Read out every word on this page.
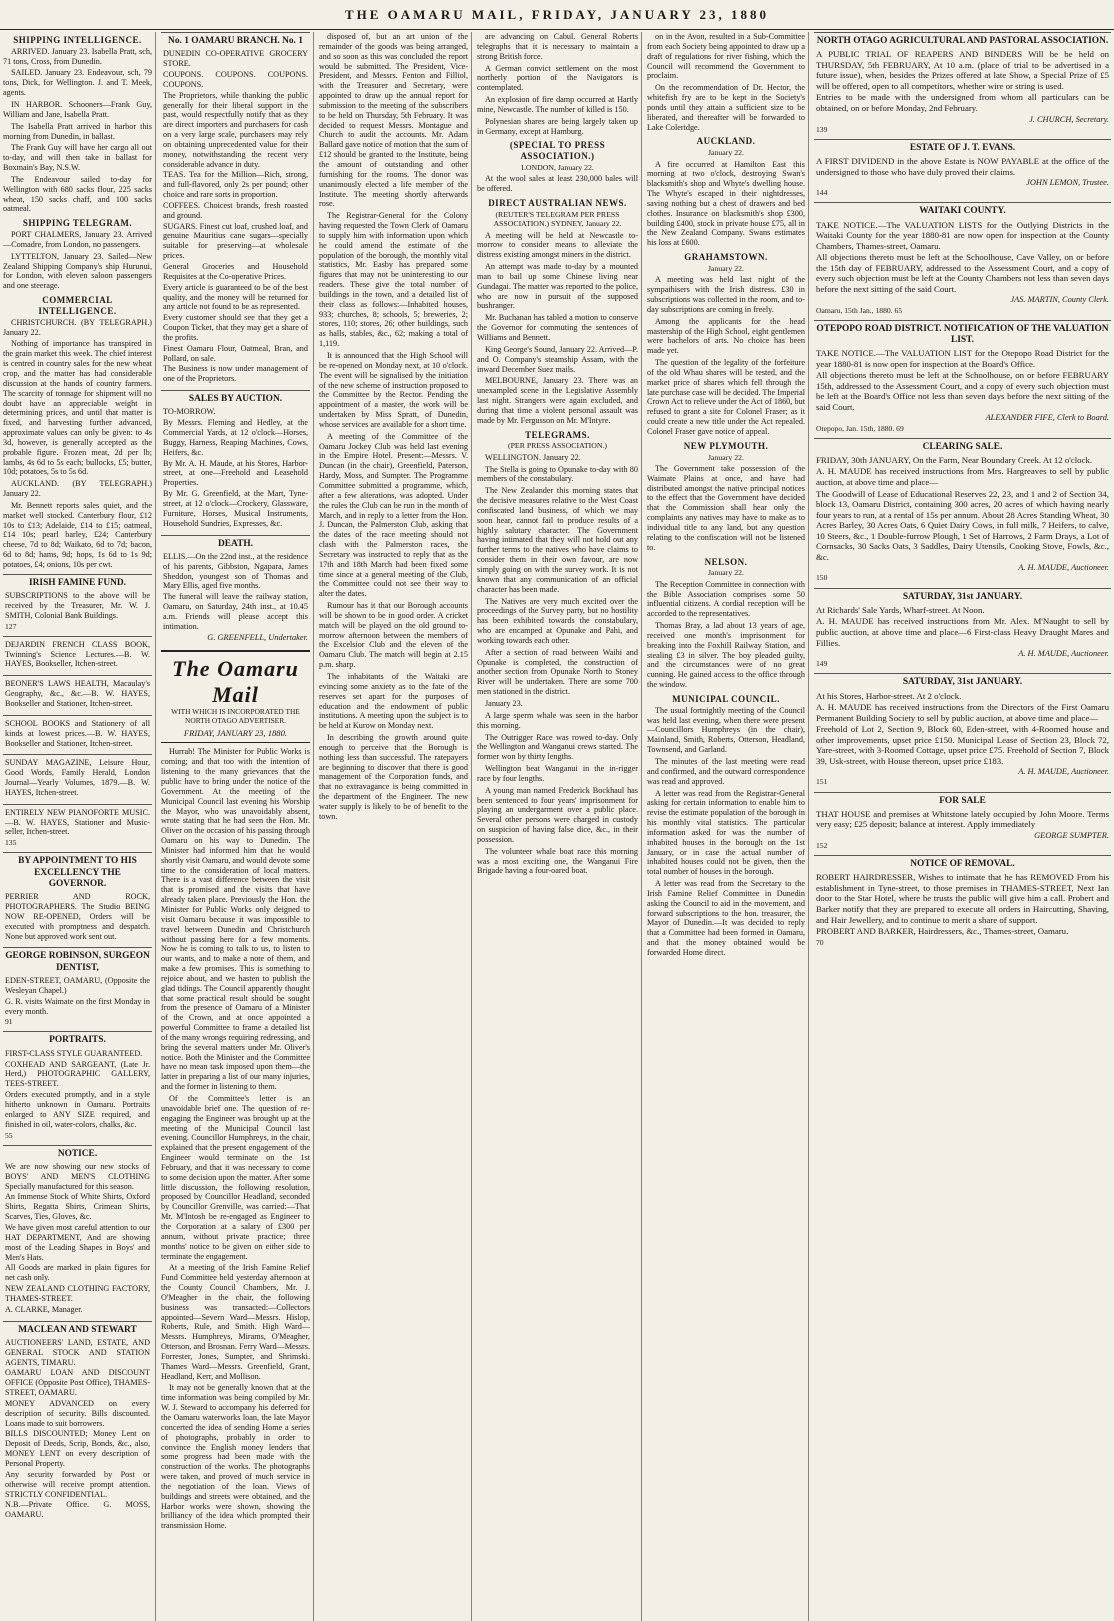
THE OAMARU MAIL, FRIDAY, JANUARY 23, 1880
SHIPPING INTELLIGENCE.

ARRIVED. January 23. Isabella Pratt, sch, 71 tons, Cross, from Dunedin.

SAILED. January 23. Endeavour, sch, 79 tons, Dick, for Wellington. J. and T. Meek, agents.

IN HARBOR. Schooners—Frank Guy, William and Jane, Isabella Pratt.

The Isabella Pratt arrived in harbor this morning from Dunedin, in ballast.

The Frank Guy will have her cargo all out to-day, and will then take in ballast for Boxmain's Bay, N.S.W.

The Endeavour sailed to-day for Wellington with 680 sacks flour, 225 sacks wheat, 150 sacks chaff, and 100 sacks oatmeal.

SHIPPING TELEGRAM.

PORT CHALMERS, January 23. Arrived—Comadre, from London, no passengers.

LYTTELTON, January 23. Sailed—New Zealand Shipping Company's ship Hurunui, for London, with eleven saloon passengers and one steerage.

COMMERCIAL INTELLIGENCE.

CHRISTCHURCH. (BY TELEGRAPH.) January 22.

Nothing of importance has transpired in the grain market this week. The chief interest is centred in country sales for the new wheat crop, and the matter has had considerable discussion at the hands of country farmers. The scarcity of tonnage for shipment will no doubt have an appreciable weight in determining prices, and until that matter is fixed, and harvesting further advanced, approximate values can only be given: to 4s 3d, however, is generally accepted as the probable figure. Frozen meat, 2d per lb; lambs, 4s 6d to 5s each; bullocks, £5; butter, 10d; potatoes, 5s to 5s 6d.

AUCKLAND. (BY TELEGRAPH.) January 22.

Mr. Bennett reports sales quiet, and the market well stocked. Canterbury flour, £12 10s to £13; Adelaide, £14 to £15; oatmeal, £14 10s; pearl barley, £24; Canterbury cheese, 7d to 8d; Waikato, 6d to 7d; bacon, 6d to 8d; hams, 9d; hops, 1s 6d to 1s 9d; potatoes, £4; onions, 10s per cwt.

IRISH FAMINE FUND.

SUBSCRIPTIONS to the above will be received by the Treasurer, Mr. W. J. SMITH, Colonial Bank Buildings.

127

DEJARDIN FRENCH CLASS BOOK, Twinning's Science Lectures.—B. W. HAYES, Bookseller, Itchen-street.

BEONER'S LAWS HEALTH, Macaulay's Geography, &c., &c.—B. W. HAYES, Bookseller and Stationer, Itchen-street.

SCHOOL BOOKS and Stationery of all kinds at lowest prices.—B. W. HAYES, Bookseller and Stationer, Itchen-street.

SUNDAY MAGAZINE, Leisure Hour, Good Words, Family Herald, London Journal—Yearly Volumes, 1879.—B. W. HAYES, Itchen-street.

ENTIRELY NEW PIANOFORTE MUSIC.—B. W. HAYES, Stationer and Music-seller, Itchen-street.

135
BY APPOINTMENT TO HIS EXCELLENCY THE GOVERNOR.

PERRIER AND ROCK, PHOTOGRAPHERS. The Studio BEING NOW RE-OPENED, Orders will be executed with promptness and despatch. None but approved work sent out.

GEORGE ROBINSON, SURGEON DENTIST,

EDEN-STREET, OAMARU, (Opposite the Wesleyan Chapel.)

G. R. visits Waimate on the first Monday in every month.

91
PORTRAITS.

FIRST-CLASS STYLE GUARANTEED.

COXHEAD AND SARGEANT, (Late Jr. Herd,) PHOTOGRAPHIC GALLERY, TEES-STREET.

Orders executed promptly, and in a style hitherto unknown in Oamaru. Portraits enlarged to ANY SIZE required, and finished in oil, water-colors, chalks, &c.

55
NOTICE.

We are now showing our new stocks of BOYS' AND MEN'S CLOTHING Specially manufactured for this season.

An Immense Stock of White Shirts, Oxford Shirts, Regatta Shirts, Crimean Shirts, Scarves, Ties, Gloves, &c.

We have given most careful attention to our HAT DEPARTMENT, And are showing most of the Leading Shapes in Boys' and Men's Hats.

All Goods are marked in plain figures for net cash only.

NEW ZEALAND CLOTHING FACTORY, THAMES-STREET.

A. CLARKE, Manager.

MACLEAN AND STEWART

AUCTIONEERS' LAND, ESTATE, AND GENERAL STOCK AND STATION AGENTS, TIMARU.

OAMARU LOAN AND DISCOUNT OFFICE (Opposite Post Office), THAMES-STREET, OAMARU.

MONEY ADVANCED on every description of security. Bills discounted. Loans made to suit borrowers.

BILLS DISCOUNTED; Money Lent on Deposit of Deeds, Scrip, Bonds, &c., also, MONEY LENT on every description of Personal Property.

Any security forwarded by Post or otherwise will receive prompt attention. STRICTLY CONFIDENTIAL.

N.B.—Private Office. G. MOSS, OAMARU.

No. 1 OAMARU BRANCH. No. 1

DUNEDIN CO-OPERATIVE GROCERY STORE.

COUPONS. COUPONS. COUPONS. COUPONS.

The Proprietors, while thanking the public generally for their liberal support in the past, would respectfully notify that as they are direct importers and purchasers for cash on a very large scale, purchasers may rely on obtaining unprecedented value for their money, notwithstanding the recent very considerable advance in duty.

TEAS. Tea for the Million—Rich, strong, and full-flavored, only 2s per pound; other choice and rare sorts in proportion.

COFFEES. Choicest brands, fresh roasted and ground.

SUGARS. Finest cut loaf, crushed loaf, and genuine Mauritius cane sugars—specially suitable for preserving—at wholesale prices.

General Groceries and Household Requisites at the Co-operative Prices.

Every article is guaranteed to be of the best quality, and the money will be returned for any article not found to be as represented.

Every customer should see that they get a Coupon Ticket, that they may get a share of the profits.

Finest Oamaru Flour, Oatmeal, Bran, and Pollard, on sale.

The Business is now under management of one of the Proprietors.

SALES BY AUCTION.

TO-MORROW.

By Messrs. Fleming and Hedley, at the Commercial Yards, at 12 o'clock—Horses, Buggy, Harness, Reaping Machines, Cows, Heifers, &c.

By Mr. A. H. Maude, at his Stores, Harbor-street, at one—Freehold and Leasehold Properties.

By Mr. G. Greenfield, at the Mart, Tyne-street, at 12 o'clock—Crockery, Glassware, Furniture, Horses, Musical Instruments, Household Sundries, Expresses, &c.

DEATH.

ELLIS.—On the 22nd inst., at the residence of his parents, Gibbston, Ngapara, James Sheddon, youngest son of Thomas and Mary Ellis, aged five months.

The funeral will leave the railway station, Oamaru, on Saturday, 24th inst., at 10.45 a.m. Friends will please accept this intimation.

G. GREENFELL, Undertaker.
The Oamaru Mail
WITH WHICH IS INCORPORATED THE NORTH OTAGO ADVERTISER.
FRIDAY, JANUARY 23, 1880.

Hurrah! The Minister for Public Works is coming; and that too with the intention of listening to the many grievances that the public have to bring under the notice of the Government. At the meeting of the Municipal Council last evening his Worship the Mayor, who was unavoidably absent, wrote stating that he had seen the Hon. Mr. Oliver on the occasion of his passing through Oamaru on his way to Dunedin. The Minister had informed him that he would shortly visit Oamaru, and would devote some time to the consideration of local matters. There is a vast difference between the visit that is promised and the visits that have already taken place. Previously the Hon. the Minister for Public Works only deigned to visit Oamaru because it was impossible to travel between Dunedin and Christchurch without passing here for a few moments. Now he is coming to talk to us, to listen to our wants, and to make a note of them, and make a few promises. This is something to rejoice about, and we hasten to publish the glad tidings. The Council apparently thought that some practical result should be sought from the presence of Oamaru of a Minister of the Crown, and at once appointed a powerful Committee to frame a detailed list of the many wrongs requiring redressing, and bring the several matters under Mr. Oliver's notice. Both the Minister and the Committee have no mean task imposed upon them—the latter in preparing a list of our many injuries, and the former in listening to them.

Of the Committee's letter is an unavoidable brief one. The question of re-engaging the Engineer was brought up at the meeting of the Municipal Council last evening. Councillor Humphreys, in the chair, explained that the present engagement of the Engineer would terminate on the 1st February, and that it was necessary to come to some decision upon the matter. After some little discussion, the following resolution, proposed by Councillor Headland, seconded by Councillor Grenville, was carried:—That Mr. M'Intosh be re-engaged as Engineer to the Corporation at a salary of £300 per annum, without private practice; three months' notice to be given on either side to terminate the engagement.

At a meeting of the Irish Famine Relief Fund Committee held yesterday afternoon at the County Council Chambers, Mr. J. O'Meagher in the chair, the following business was transacted:—Collectors appointed—Severn Ward—Messrs. Hislop, Roberts, Rule, and Smith. High Ward—Messrs. Humphreys, Mirams, O'Meagher, Otterson, and Brosnan. Ferry Ward—Messrs. Forrester, Jones, Sumpter, and Shrimski. Thames Ward—Messrs. Greenfield, Grant, Headland, Kerr, and Mollison.

It may not be generally known that at the time information was being compiled by Mr. W. J. Steward to accompany his deferred for the Oamaru waterworks loan, the late Mayor concerted the idea of sending Home a series of photographs, probably in order to convince the English money lenders that some progress had been made with the construction of the works. The photographs were taken, and proved of much service in the negotiation of the loan. Views of buildings and streets were obtained, and the Harbor works were shown, showing the brilliancy of the idea which prompted their transmission Home.

disposed of, but an art union of the remainder of the goods was being arranged, and so soon as this was concluded the report would be submitted. The President, Vice-President, and Messrs. Fenton and Filliol, with the Treasurer and Secretary, were appointed to draw up the annual report for submission to the meeting of the subscribers to be held on Thursday, 5th February. It was decided to request Messrs. Montague and Church to audit the accounts. Mr. Adam Ballard gave notice of motion that the sum of £12 should be granted to the Institute, being the amount of outstanding and other furnishing for the rooms. The donor was unanimously elected a life member of the Institute. The meeting shortly afterwards rose.

The Registrar-General for the Colony having requested the Town Clerk of Oamaru to supply him with information upon which he could amend the estimate of the population of the borough, the monthly vital statistics, Mr. Easby has prepared some figures that may not be uninteresting to our readers. These give the total number of buildings in the town, and a detailed list of their class as follows:—Inhabited houses, 933; churches, 8; schools, 5; breweries, 2; stores, 110; stores, 26; other buildings, such as halls, stables, &c., 62; making a total of 1,119.

It is announced that the High School will be re-opened on Monday next, at 10 o'clock. The event will be signalised by the initiation of the new scheme of instruction proposed to the Committee by the Rector. Pending the appointment of a master, the work will be undertaken by Miss Spratt, of Dunedin, whose services are available for a short time.

A meeting of the Committee of the Oamaru Jockey Club was held last evening in the Empire Hotel. Present:—Messrs. V. Duncan (in the chair), Greenfield, Paterson, Hardy, Moss, and Sumpter. The Programme Committee submitted a programme, which, after a few alterations, was adopted. Under the rules the Club can be run in the month of March, and in reply to a letter from the Hon. J. Duncan, the Palmerston Club, asking that the dates of the race meeting should not clash with the Palmerston races, the Secretary was instructed to reply that as the 17th and 18th March had been fixed some time since at a general meeting of the Club, the Committee could not see their way to alter the dates.

Rumour has it that our Borough accounts will be shown to be in good order. A cricket match will be played on the old ground to-morrow afternoon between the members of the Excelsior Club and the eleven of the Oamaru Club. The match will begin at 2.15 p.m. sharp.

The inhabitants of the Waitaki are evincing some anxiety as to the fate of the reserves set apart for the purposes of education and the endowment of public institutions. A meeting upon the subject is to be held at Kurow on Monday next.

In describing the growth around quite enough to perceive that the Borough is nothing less than successful. The ratepayers are beginning to discover that there is good management of the Corporation funds, and that no extravagance is being committed in the department of the Engineer. The new water supply is likely to be of benefit to the town.

are advancing on Cabul. General Roberts telegraphs that it is necessary to maintain a strong British force.

A German convict settlement on the most northerly portion of the Navigators is contemplated.

An explosion of fire damp occurred at Hartly mine, Newcastle. The number of killed is 150.

Polynesian shares are being largely taken up in Germany, except at Hamburg.

(SPECIAL TO PRESS ASSOCIATION.)
LONDON, January 22.

At the wool sales at least 230,000 bales will be offered.

DIRECT AUSTRALIAN NEWS.
(REUTER'S TELEGRAM PER PRESS ASSOCIATION.) SYDNEY, January 22.

A meeting will be held at Newcastle to-morrow to consider means to alleviate the distress existing amongst miners in the district.

An attempt was made to-day by a mounted man to bail up some Chinese living near Gundagai. The matter was reported to the police, who are now in pursuit of the supposed bushranger.

Mr. Buchanan has tabled a motion to conserve the Governor for commuting the sentences of Williams and Bennett.

King George's Sound, January 22. Arrived—P. and O. Company's steamship Assam, with the inward December Suez mails.

MELBOURNE, January 23. There was an unexampled scene in the Legislative Assembly last night. Strangers were again excluded, and during that time a violent personal assault was made by Mr. Fergusson on Mr. M'Intyre.

TELEGRAMS.
(PER PRESS ASSOCIATION.)

WELLINGTON. January 22.

The Stella is going to Opunake to-day with 80 members of the constabulary.

The New Zealander this morning states that the decisive measures relative to the West Coast confiscated land business, of which we may soon hear, cannot fail to produce results of a highly salutary character. The Government having intimated that they will not hold out any further terms to the natives who have claims to consider them in their own favour, are now simply going on with the survey work. It is not known that any communication of an official character has been made.

The Natives are very much excited over the proceedings of the Survey party, but no hostility has been exhibited towards the constabulary, who are encamped at Opunake and Pahi, and working towards each other.

After a section of road between Waihi and Opunake is completed, the construction of another section from Opunake North to Stoney River will be undertaken. There are some 700 men stationed in the district.

January 23.

A large sperm whale was seen in the harbor this morning.

The Outrigger Race was rowed to-day. Only the Wellington and Wanganui crews started. The former won by thirty lengths.

Wellington beat Wanganui in the in-rigger race by four lengths.

A young man named Frederick Bockhaul has been sentenced to four years' imprisonment for playing an undergarment over a public place. Several other persons were charged in custody on suspicion of having false dice, &c., in their possession.

The volunteer whale boat race this morning was a most exciting one, the Wanganui Fire Brigade having a four-oared boat.

on in the Avon, resulted in a Sub-Committee from each Society being appointed to draw up a draft of regulations for river fishing, which the Council will recommend the Government to proclaim.

On the recommendation of Dr. Hector, the whitefish fry are to be kept in the Society's ponds until they attain a sufficient size to be liberated, and thereafter will be forwarded to Lake Coleridge.

AUCKLAND.
January 22.

A fire occurred at Hamilton East this morning at two o'clock, destroying Swan's blacksmith's shop and Whyte's dwelling house. The Whyte's escaped in their nightdresses, saving nothing but a chest of drawers and bed clothes. Insurance on blacksmith's shop £300, building £400, stock in private house £75, all in the New Zealand Company. Swans estimates his loss at £600.

GRAHAMSTOWN.
January 22.

A meeting was held last night of the sympathisers with the Irish distress. £30 in subscriptions was collected in the room, and to-day subscriptions are coming in freely.

Among the applicants for the head mastership of the High School, eight gentlemen were bachelors of arts. No choice has been made yet.

The question of the legality of the forfeiture of the old Whau shares will be tested, and the market price of shares which fell through the late purchase case will be decided. The Imperial Crown Act to relieve under the Act of 1860, but refused to grant a site for Colonel Fraser; as it could create a new title under the Act repealed. Colonel Fraser gave notice of appeal.

NEW PLYMOUTH.
January 22.

The Government take possession of the Waimate Plains at once, and have had distributed amongst the native principal notices to the effect that the Government have decided that the Commission shall hear only the complaints any natives may have to make as to individual title to any land, but any question relating to the confiscation will not be listened to.

NELSON.
January 22.

The Reception Committee in connection with the Bible Association comprises some 50 influential citizens. A cordial reception will be accorded to the representatives.

Thomas Bray, a lad about 13 years of age, received one month's imprisonment for breaking into the Foxhill Railway Station, and stealing £3 in silver. The boy pleaded guilty, and the circumstances were of no great cunning. He gained access to the office through the window.

MUNICIPAL COUNCIL.

The usual fortnightly meeting of the Council was held last evening, when there were present—Councillors Humphreys (in the chair), Mainland, Smith, Roberts, Otterson, Headland, Townsend, and Garland.

The minutes of the last meeting were read and confirmed, and the outward correspondence was read and approved.

A letter was read from the Registrar-General asking for certain information to enable him to revise the estimate population of the borough in his monthly vital statistics. The particular information asked for was the number of inhabited houses in the borough on the 1st January, or in case the actual number of inhabited houses could not be given, then the total number of houses in the borough.

A letter was read from the Secretary to the Irish Famine Relief Committee in Dunedin asking the Council to aid in the movement, and forward subscriptions to the hon. treasurer, the Mayor of Dunedin.—It was decided to reply that a Committee had been formed in Oamaru, and that the money obtained would be forwarded Home direct.

NORTH OTAGO AGRICULTURAL AND PASTORAL ASSOCIATION.

A PUBLIC TRIAL OF REAPERS AND BINDERS Will be be held on THURSDAY, 5th FEBRUARY, At 10 a.m. (place of trial to be advertised in a future issue), when, besides the Prizes offered at late Show, a Special Prize of £5 will be offered, open to all competitors, whether wire or string is used.

Entries to be made with the undersigned from whom all particulars can be obtained, on or before Monday, 2nd February.

J. CHURCH, Secretary.
139
ESTATE OF J. T. EVANS.

A FIRST DIVIDEND in the above Estate is NOW PAYABLE at the office of the undersigned to those who have duly proved their claims.

JOHN LEMON, Trustee.
144
WAITAKI COUNTY.

TAKE NOTICE.—The VALUATION LISTS for the Outlying Districts in the Waitaki County for the year 1880-81 are now open for inspection at the County Chambers, Thames-street, Oamaru.

All objections thereto must be left at the Schoolhouse, Cave Valley, on or before the 15th day of FEBRUARY, addressed to the Assessment Court, and a copy of every such objection must be left at the County Chambers not less than seven days before the next sitting of the said Court.

JAS. MARTIN, County Clerk.
Oamaru, 15th Jan., 1880. 65
OTEPOPO ROAD DISTRICT. NOTIFICATION OF THE VALUATION LIST.

TAKE NOTICE.—The VALUATION LIST for the Otepopo Road District for the year 1880-81 is now open for inspection at the Board's Office.

All objections thereto must be left at the Schoolhouse, on or before FEBRUARY 15th, addressed to the Assessment Court, and a copy of every such objection must be left at the Board's Office not less than seven days before the next sitting of the said Court.

ALEXANDER FIFE, Clerk to Board.
Otepopo, Jan. 15th, 1880. 69
CLEARING SALE.

FRIDAY, 30th JANUARY, On the Farm, Near Boundary Creek. At 12 o'clock.

A. H. MAUDE has received instructions from Mrs. Hargreaves to sell by public auction, at above time and place—

The Goodwill of Lease of Educational Reserves 22, 23, and 1 and 2 of Section 34, block 13, Oamaru District, containing 300 acres, 20 acres of which having nearly four years to run, at a rental of 15s per annum. About 28 Acres Standing Wheat, 30 Acres Barley, 30 Acres Oats, 6 Quiet Dairy Cows, in full milk, 7 Heifers, to calve, 10 Steers, &c., 1 Double-furrow Plough, 1 Set of Harrows, 2 Farm Drays, a Lot of Cornsacks, 30 Sacks Oats, 3 Saddles, Dairy Utensils, Cooking Stove, Fowls, &c., &c.

A. H. MAUDE, Auctioneer.
150
SATURDAY, 31st JANUARY.

At Richards' Sale Yards, Wharf-street. At Noon.

A. H. MAUDE has received instructions from Mr. Alex. M'Naught to sell by public auction, at above time and place—6 First-class Heavy Draught Mares and Fillies.

A. H. MAUDE, Auctioneer.
149
SATURDAY, 31st JANUARY.

At his Stores, Harbor-street. At 2 o'clock.

A. H. MAUDE has received instructions from the Directors of the First Oamaru Permanent Building Society to sell by public auction, at above time and place—

Freehold of Lot 2, Section 9, Block 60, Eden-street, with 4-Roomed house and other improvements, upset price £150. Municipal Lease of Section 23, Block 72, Yare-street, with 3-Roomed Cottage, upset price £75. Freehold of Section 7, Block 39, Usk-street, with House thereon, upset price £183.

A. H. MAUDE, Auctioneer.
151
FOR SALE

THAT HOUSE and premises at Whitstone lately occupied by John Moore. Terms very easy; £25 deposit; balance at interest. Apply immediately

GEORGE SUMPTER.
152
NOTICE OF REMOVAL.

ROBERT HAIRDRESSER, Wishes to intimate that he has REMOVED From his establishment in Tyne-street, to those premises in THAMES-STREET, Next Ian door to the Star Hotel, where he trusts the public will give him a call. Probert and Barker notify that they are prepared to execute all orders in Haircutting, Shaving, and Hair Jewellery, and to continue to merit a share of support.

PROBERT AND BARKER, Hairdressers, &c., Thames-street, Oamaru.

70
